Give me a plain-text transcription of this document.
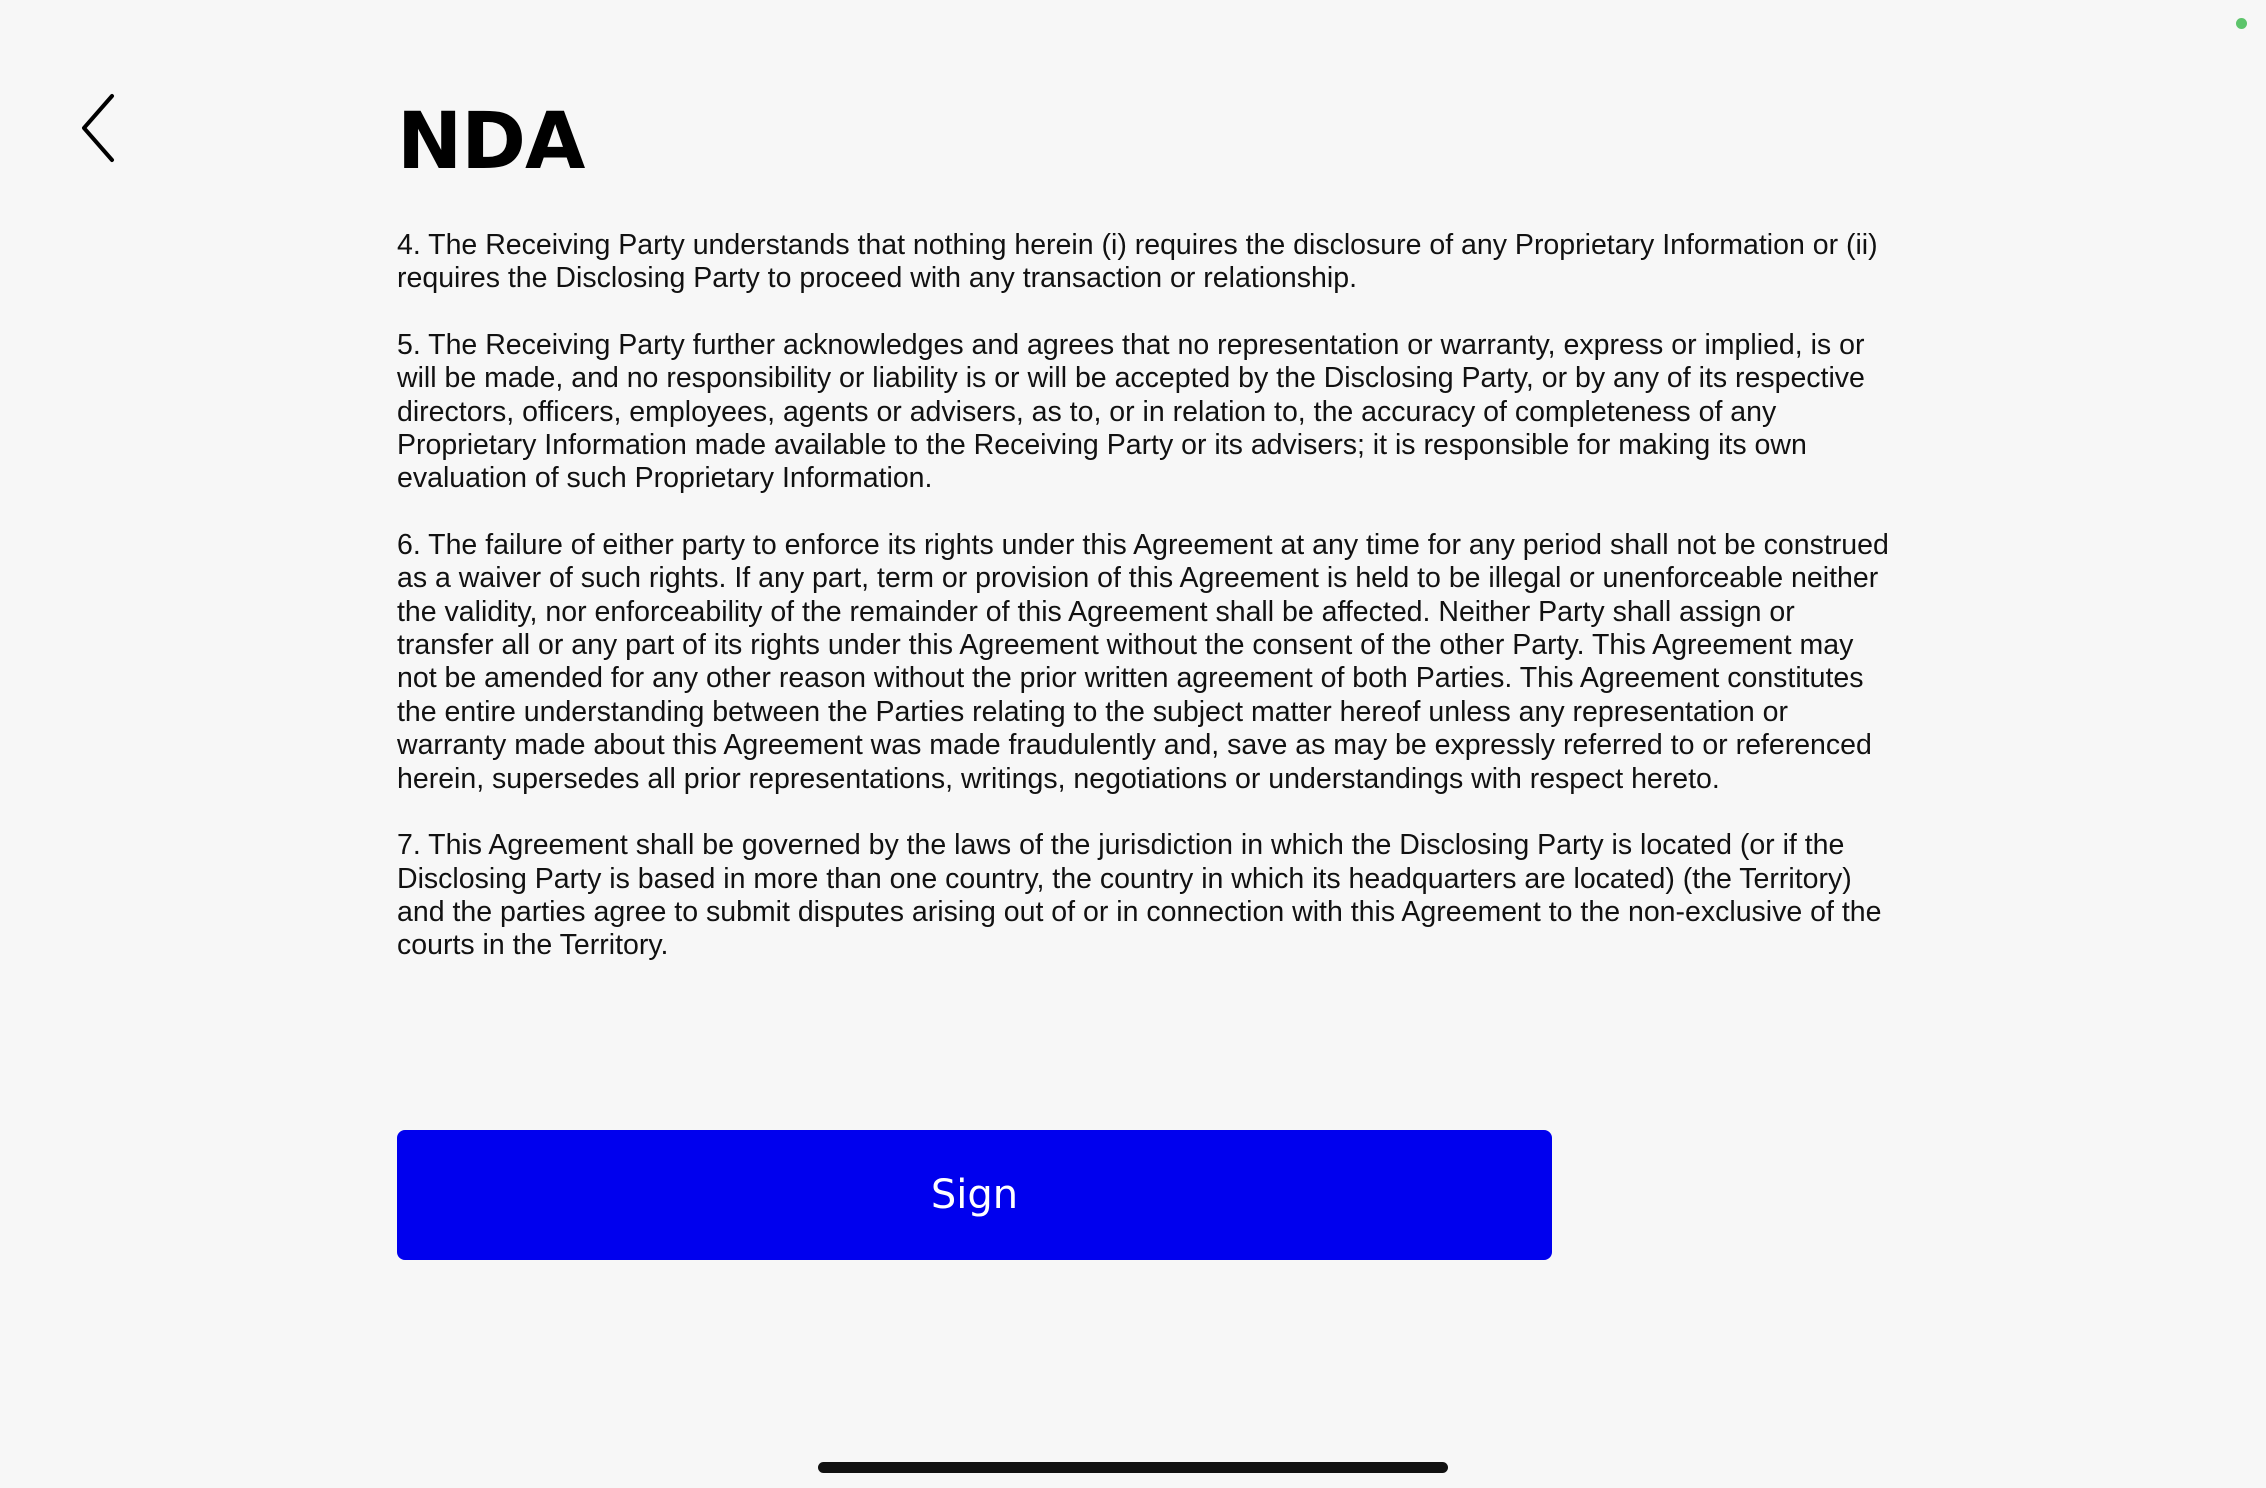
NDA

4. The Receiving Party understands that nothing herein (i) requires the disclosure of any Proprietary Information or (ii) requires the Disclosing Party to proceed with any transaction or relationship.

5. The Receiving Party further acknowledges and agrees that no representation or warranty, express or implied, is or will be made, and no responsibility or liability is or will be accepted by the Disclosing Party, or by any of its respective directors, officers, employees, agents or advisers, as to, or in relation to, the accuracy of completeness of any Proprietary Information made available to the Receiving Party or its advisers; it is responsible for making its own evaluation of such Proprietary Information.

6. The failure of either party to enforce its rights under this Agreement at any time for any period shall not be construed as a waiver of such rights. If any part, term or provision of this Agreement is held to be illegal or unenforceable neither the validity, nor enforceability of the remainder of this Agreement shall be affected. Neither Party shall assign or transfer all or any part of its rights under this Agreement without the consent of the other Party. This Agreement may not be amended for any other reason without the prior written agreement of both Parties. This Agreement constitutes the entire understanding between the Parties relating to the subject matter hereof unless any representation or warranty made about this Agreement was made fraudulently and, save as may be expressly referred to or referenced herein, supersedes all prior representations, writings, negotiations or understandings with respect hereto.

7. This Agreement shall be governed by the laws of the jurisdiction in which the Disclosing Party is located (or if the Disclosing Party is based in more than one country, the country in which its headquarters are located) (the Territory) and the parties agree to submit disputes arising out of or in connection with this Agreement to the non-exclusive of the courts in the Territory.

Sign
